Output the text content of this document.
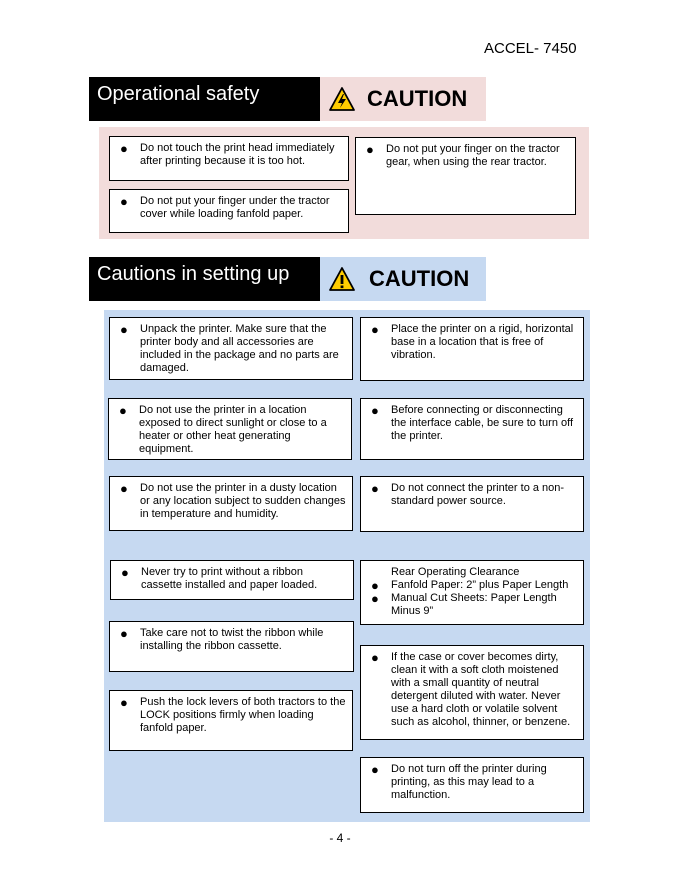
ACCEL- 7450
Operational safety	CAUTION
● Do not touch the print head immediately after printing because it is too hot.
● Do not put your finger under the tractor cover while loading fanfold paper.
● Do not put your finger on the tractor gear, when using the rear tractor.
Cautions in setting up	CAUTION
● Unpack the printer. Make sure that the printer body and all accessories are included in the package and no parts are damaged.
● Do not use the printer in a location exposed to direct sunlight or close to a heater or other heat generating equipment.
● Do not use the printer in a dusty location or any location subject to sudden changes in temperature and humidity.
● Never try to print without a ribbon cassette installed and paper loaded.
● Take care not to twist the ribbon while installing the ribbon cassette.
● Push the lock levers of both tractors to the LOCK positions firmly when loading fanfold paper.
● Place the printer on a rigid, horizontal base in a location that is free of vibration.
● Before connecting or disconnecting the interface cable, be sure to turn off the printer.
● Do not connect the printer to a non-standard power source.
Rear Operating Clearance
● Fanfold Paper: 2” plus Paper Length
● Manual Cut Sheets: Paper Length Minus 9”
● If the case or cover becomes dirty, clean it with a soft cloth moistened with a small quantity of neutral detergent diluted with water. Never use a hard cloth or volatile solvent such as alcohol, thinner, or benzene.
● Do not turn off the printer during printing, as this may lead to a malfunction.
- 4 -
